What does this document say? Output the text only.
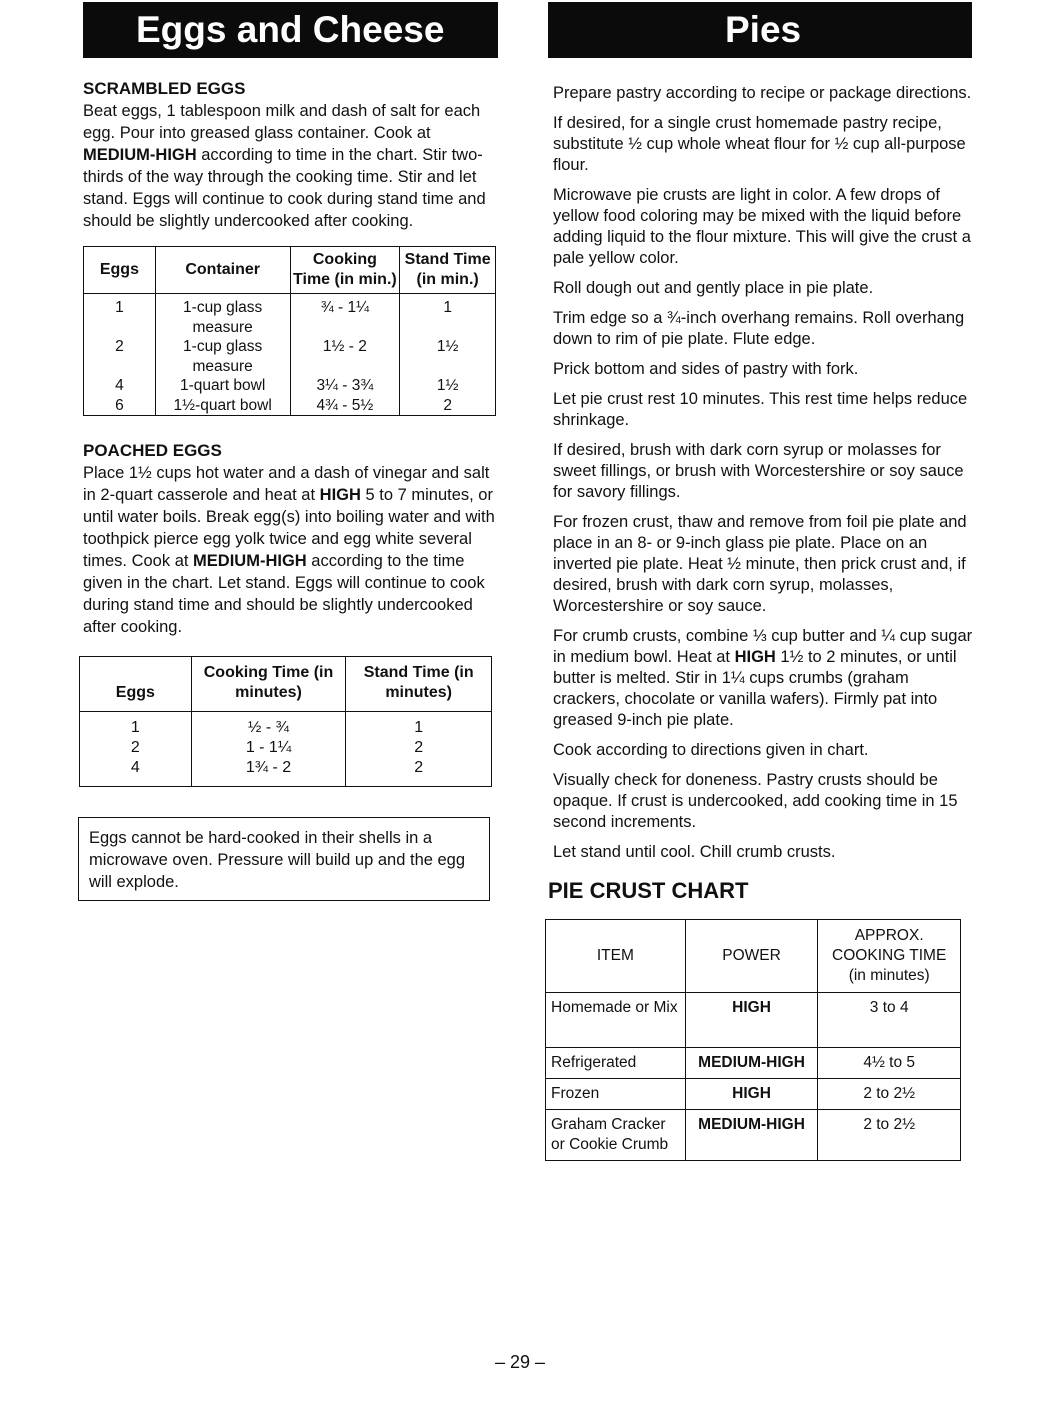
Eggs and Cheese	Pies

SCRAMBLED EGGS

Beat eggs, 1 tablespoon milk and dash of salt for each egg. Pour into greased glass container. Cook at MEDIUM-HIGH according to time in the chart. Stir two-thirds of the way through the cooking time. Stir and let stand. Eggs will continue to cook during stand time and should be slightly undercooked after cooking.

Eggs	Container	Cooking Time (in min.)	Stand Time (in min.)
1	1-cup glass measure	¾ - 1¼	1
2	1-cup glass measure	1½ - 2	1½
4	1-quart bowl	3¼ - 3¾	1½
6	1½-quart bowl	4¾ - 5½	2

POACHED EGGS

Place 1½ cups hot water and a dash of vinegar and salt in 2-quart casserole and heat at HIGH 5 to 7 minutes, or until water boils. Break egg(s) into boiling water and with toothpick pierce egg yolk twice and egg white several times. Cook at MEDIUM-HIGH according to the time given in the chart. Let stand. Eggs will continue to cook during stand time and should be slightly undercooked after cooking.

Eggs	Cooking Time (in minutes)	Stand Time (in minutes)
1	½ - ¾	1
2	1 - 1¼	2
4	1¾ - 2	2
Eggs cannot be hard-cooked in their shells in a microwave oven. Pressure will build up and the egg will explode.

Prepare pastry according to recipe or package directions.

If desired, for a single crust homemade pastry recipe, substitute ½ cup whole wheat flour for ½ cup all-purpose flour.

Microwave pie crusts are light in color. A few drops of yellow food coloring may be mixed with the liquid before adding liquid to the flour mixture. This will give the crust a pale yellow color.

Roll dough out and gently place in pie plate.

Trim edge so a ¾-inch overhang remains. Roll overhang down to rim of pie plate. Flute edge.

Prick bottom and sides of pastry with fork.

Let pie crust rest 10 minutes. This rest time helps reduce shrinkage.

If desired, brush with dark corn syrup or molasses for sweet fillings, or brush with Worcestershire or soy sauce for savory fillings.

For frozen crust, thaw and remove from foil pie plate and place in an 8- or 9-inch glass pie plate. Place on an inverted pie plate. Heat ½ minute, then prick crust and, if desired, brush with dark corn syrup, molasses, Worcestershire or soy sauce.

For crumb crusts, combine ⅓ cup butter and ¼ cup sugar in medium bowl. Heat at HIGH 1½ to 2 minutes, or until butter is melted. Stir in 1¼ cups crumbs (graham crackers, chocolate or vanilla wafers). Firmly pat into greased 9-inch pie plate.

Cook according to directions given in chart.

Visually check for doneness. Pastry crusts should be opaque. If crust is undercooked, add cooking time in 15 second increments.

Let stand until cool. Chill crumb crusts.

PIE CRUST CHART

ITEM	POWER	APPROX. COOKING TIME (in minutes)
Homemade or Mix	HIGH	3 to 4
Refrigerated	MEDIUM-HIGH	4½ to 5
Frozen	HIGH	2 to 2½
Graham Cracker or Cookie Crumb	MEDIUM-HIGH	2 to 2½
– 29 –
